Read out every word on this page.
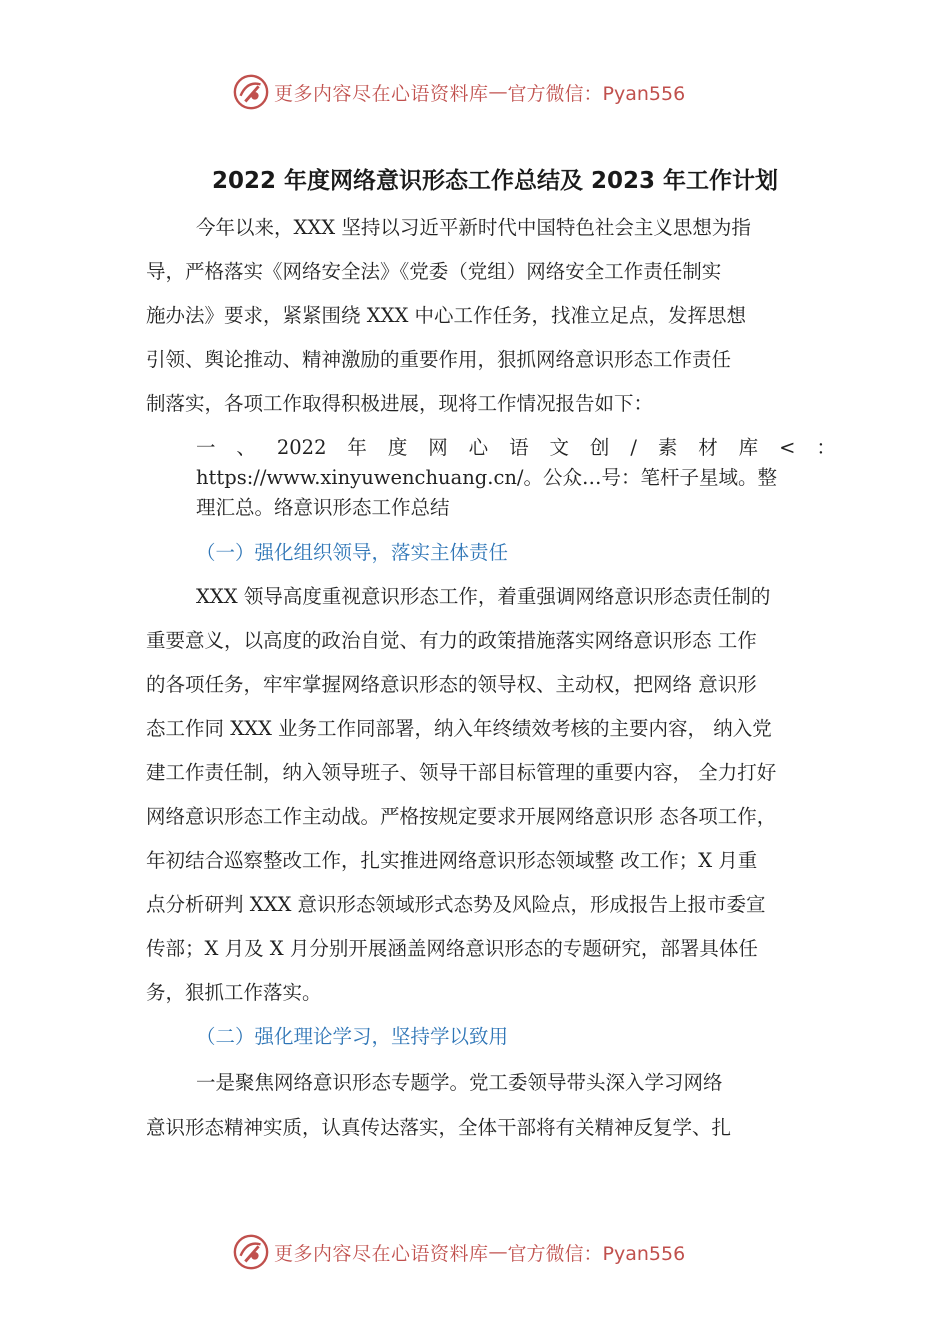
更多内容尽在心语资料库 — 官方微信：Pyan556
2022 年度网络意识形态工作总结及 2023 年工作计划
今年以来，XXX 坚持以习近平新时代中国特色社会主义思想为指
导，严格落实《网络安全法》《党委（党组）网络安全工作责任制实
施办法》要求，紧紧围绕 XXX 中心工作任务，找准立足点，发挥思想
引领、舆论推动、精神激励的重要作用，狠抓网络意识形态工作责任
制落实，各项工作取得积极进展，现将工作情况报告如下：
一 、 2022 年 度 网 心 语 文 创 / 素 材 库 < ：
https://www.xinyuwenchuang.cn/。公众…号：笔杆子星域。整
理汇总。络意识形态工作总结
（一）强化组织领导，落实主体责任
XXX 领导高度重视意识形态工作，着重强调网络意识形态责任制的
重要意义，以高度的政治自觉、有力的政策措施落实网络意识形态 工作
的各项任务，牢牢掌握网络意识形态的领导权、主动权，把网络 意识形
态工作同 XXX 业务工作同部署，纳入年终绩效考核的主要内容， 纳入党
建工作责任制，纳入领导班子、领导干部目标管理的重要内容， 全力打好
网络意识形态工作主动战。严格按规定要求开展网络意识形 态各项工作，
年初结合巡察整改工作，扎实推进网络意识形态领域整 改工作；X 月重
点分析研判 XXX 意识形态领域形式态势及风险点，形成报告上报市委宣
传部；X 月及 X 月分别开展涵盖网络意识形态的专题研究，部署具体任
务，狠抓工作落实。
（二）强化理论学习，坚持学以致用
一是聚焦网络意识形态专题学。党工委领导带头深入学习网络
意识形态精神实质，认真传达落实，全体干部将有关精神反复学、扎
更多内容尽在心语资料库 — 官方微信：Pyan556
